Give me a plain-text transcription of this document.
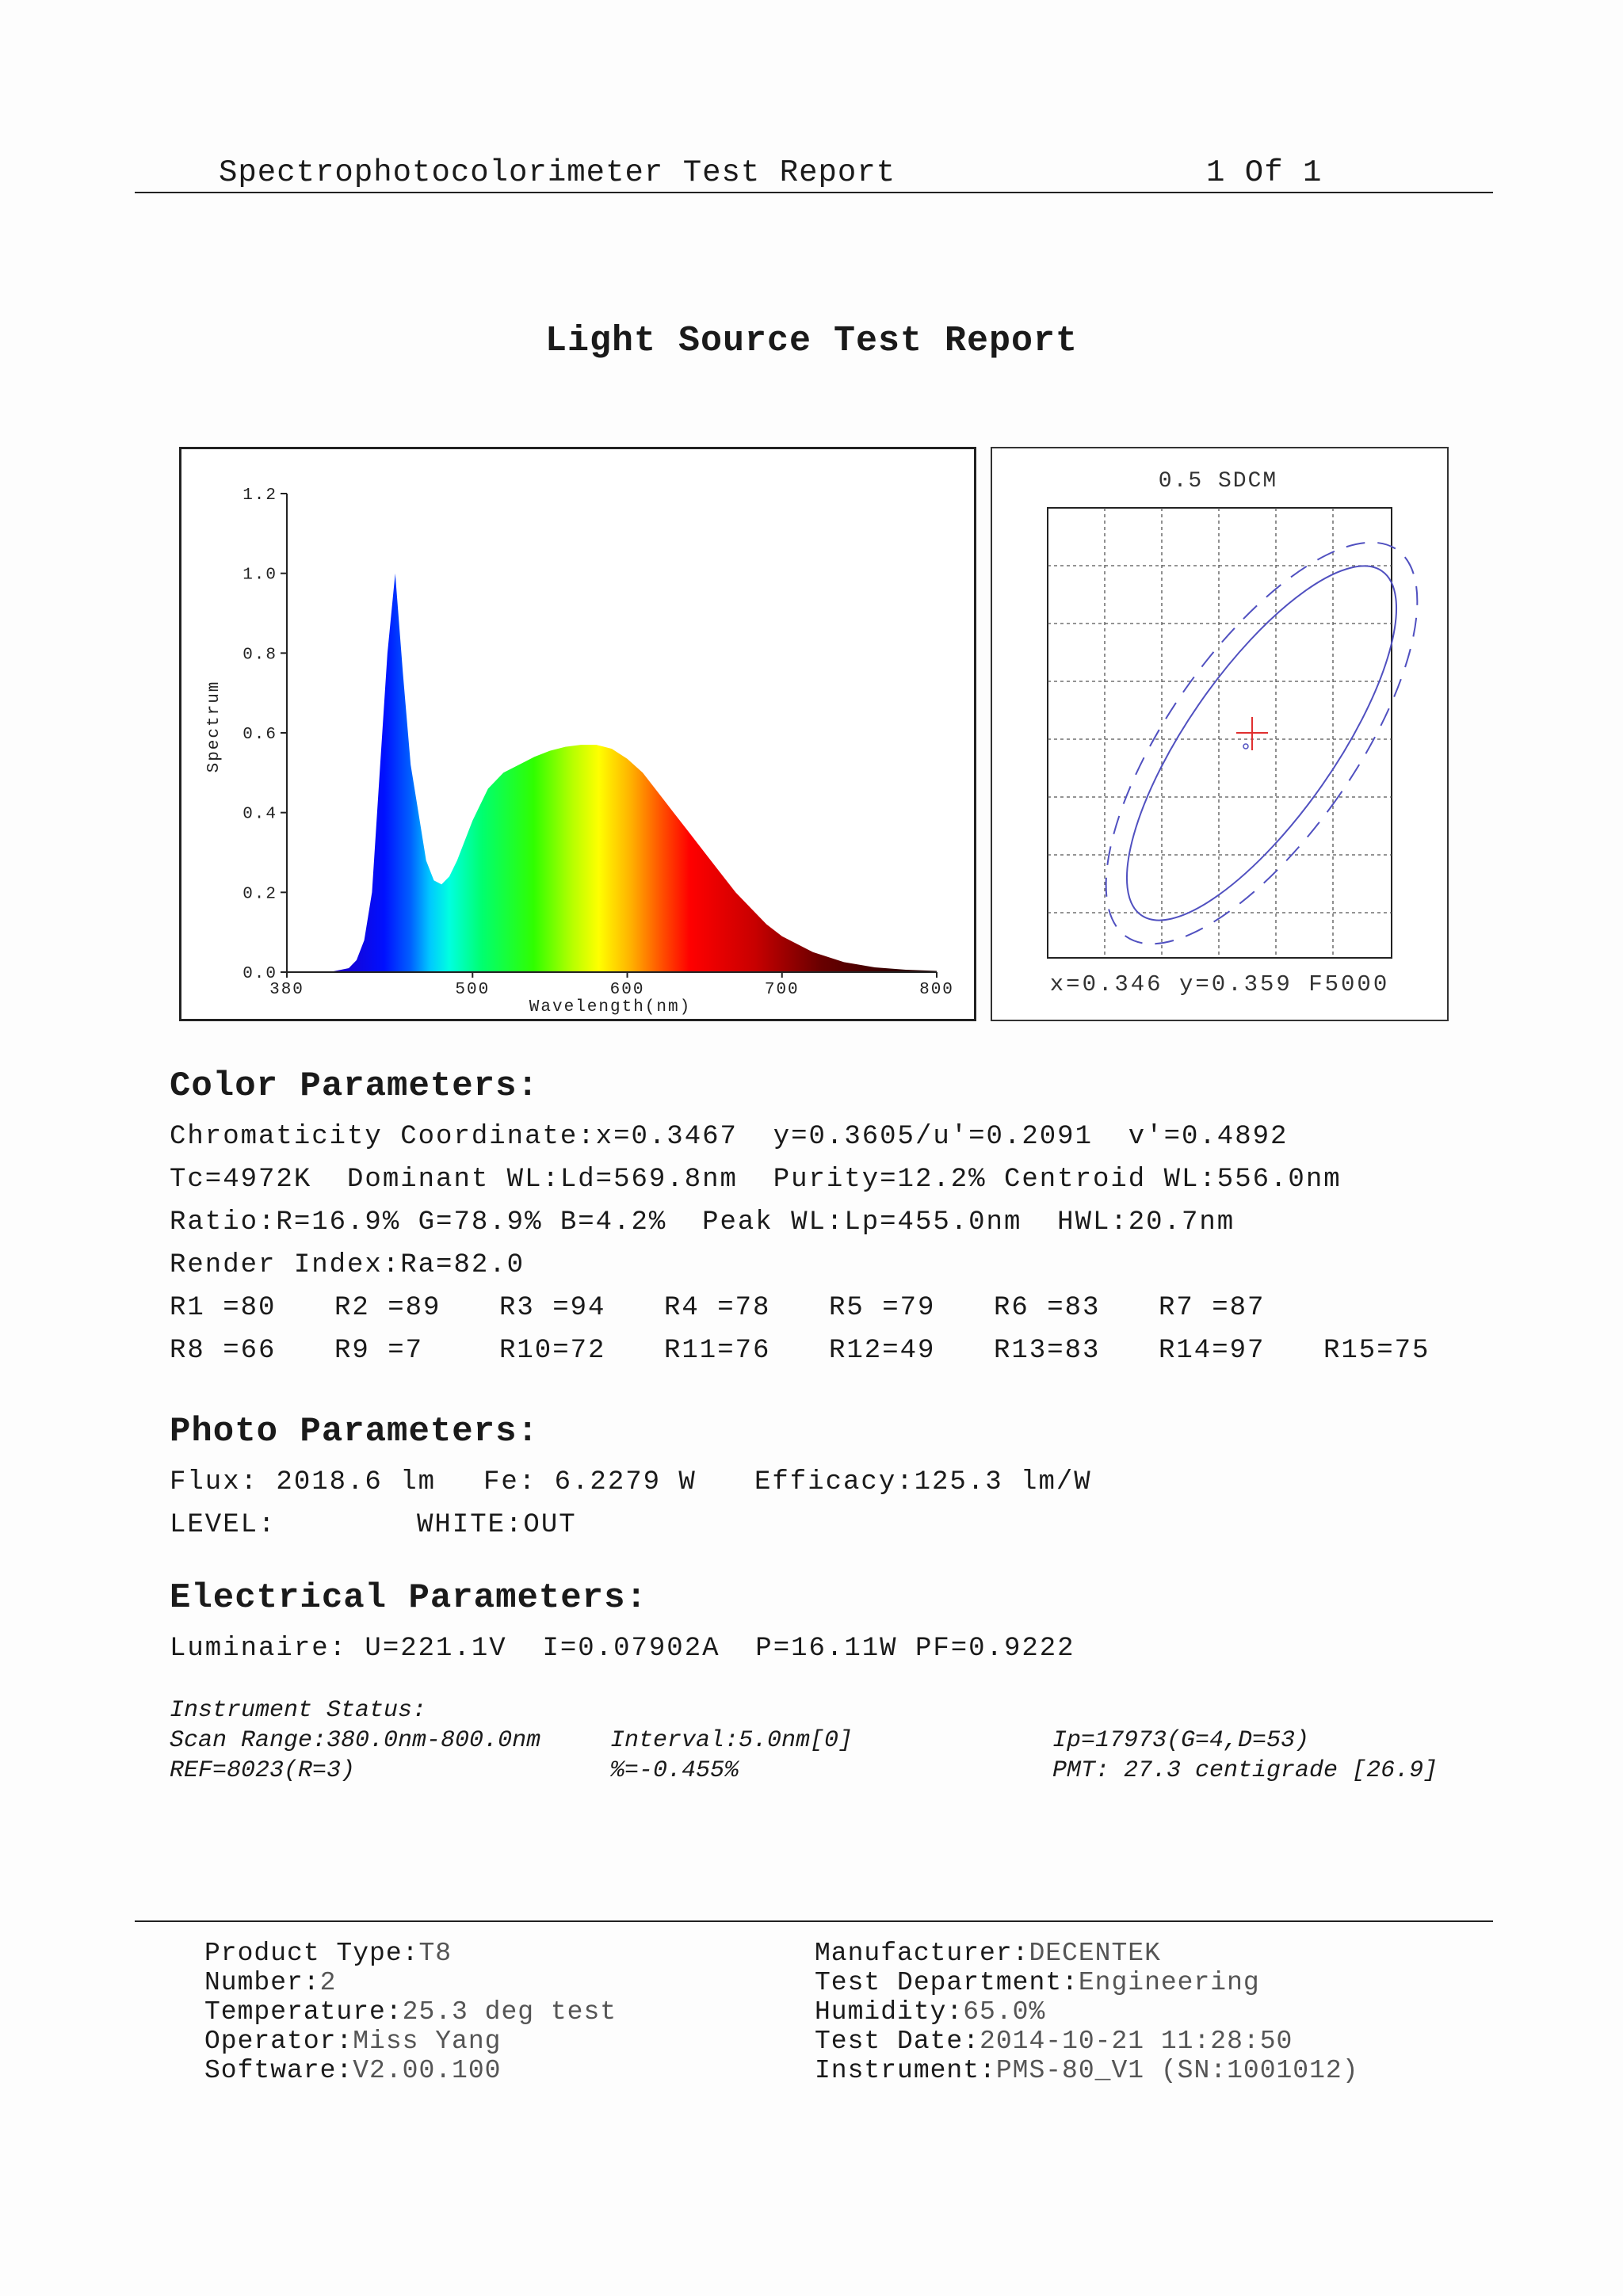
Spectrophotocolorimeter Test Report	1 Of 1
Light Source Test Report
0.0
0.2
0.4
0.6
0.8
1.0
1.2
380	500	600	700	800
Spectrum
Wavelength(nm)
0.5 SDCM
x=0.346 y=0.359 F5000
Color Parameters:
Chromaticity Coordinate:x=0.3467  y=0.3605/u'=0.2091  v'=0.4892
Tc=4972K  Dominant WL:Ld=569.8nm  Purity=12.2% Centroid WL:556.0nm
Ratio:R=16.9% G=78.9% B=4.2%  Peak WL:Lp=455.0nm  HWL:20.7nm
Render Index:Ra=82.0
R1 =80 R2 =89 R3 =94 R4 =78 R5 =79 R6 =83 R7 =87
R8 =66 R9 =7	R10=72 R11=76 R12=49 R13=83 R14=97 R15=75
Photo Parameters:
Flux: 2018.6 lm Fe: 6.2279 W Efficacy:125.3 lm/W
LEVEL:	WHITE:OUT
Electrical Parameters:
Luminaire: U=221.1V  I=0.07902A  P=16.11W PF=0.9222
Instrument Status:
Scan Range:380.0nm-800.0nm	Interval:5.0nm[0]	Ip=17973(G=4,D=53)
REF=8023(R=3)	%=-0.455%	PMT: 27.3 centigrade [26.9]
Product Type:T8
Number:2
Temperature:25.3 deg test
Operator:Miss Yang
Software:V2.00.100
Manufacturer:DECENTEK
Test Department:Engineering
Humidity:65.0%
Test Date:2014-10-21 11:28:50
Instrument:PMS-80_V1 (SN:1001012)
